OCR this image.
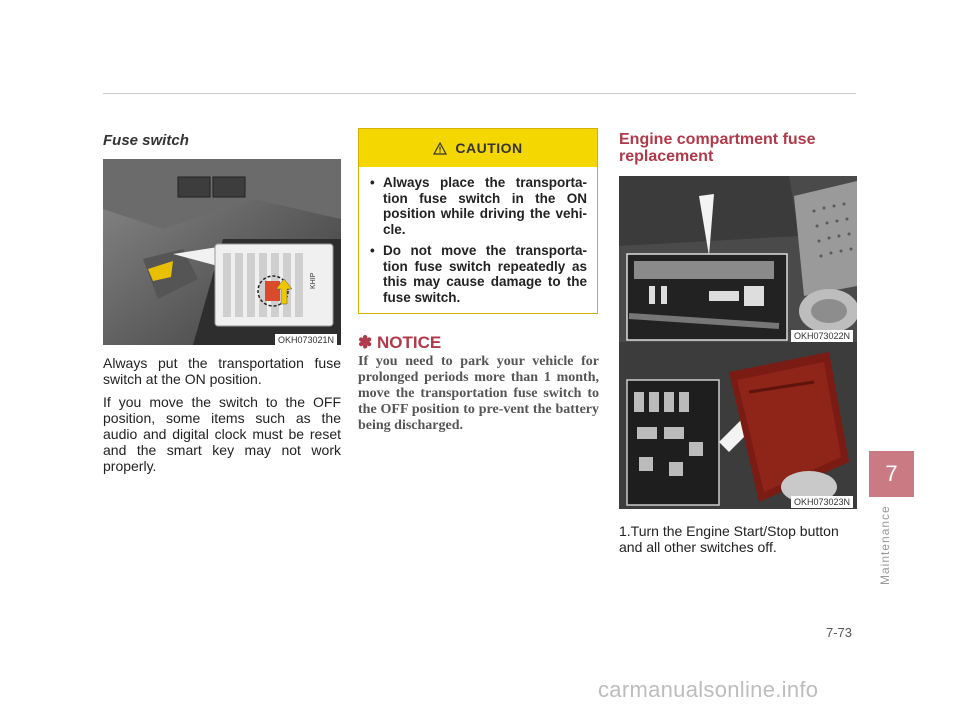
Fuse switch
KHIP
OKH073021N

Always put the transportation fuse switch at the ON position.

If you move the switch to the OFF position, some items such as the audio and digital clock must be reset and the smart key may not work properly.

CAUTION
• Always place the transporta-tion fuse switch in the ON position while driving the vehi-cle.
• Do not move the transporta-tion fuse switch repeatedly as this may cause damage to the fuse switch.
✽ NOTICE
If you need to park your vehicle for prolonged periods more than 1 month, move the transportation fuse switch to the OFF position to pre-vent the battery being discharged.
Engine compartment fuse replacement
OKH073022N
OKH073023N
1.Turn the Engine Start/Stop button and all other switches off.
7
Maintenance
7-73
carmanualsonline.info
